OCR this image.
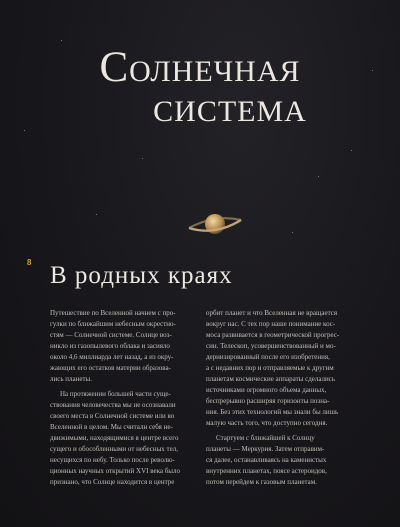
Солнечная
система
8 В родных краях
Путешествие по Вселенной начнем с про-
гулки по ближайшим небесным окрестно-
стям — Солнечной системе. Солнце воз-
никло из газопылевого облака и засияло
около 4,6 миллиарда лет назад, а из окру-
жающих его остатков материи образова-
лись планеты.
На протяжении большей части суще-
ствования человечества мы не осознавали
своего места в Солнечной системе или во
Вселенной в целом. Мы считали себя не-
движимыми, находящимися в центре всего
сущего и обособленными от небесных тел,
несущихся по небу. Только после револю-
ционных научных открытий XVI века было
признано, что Солнце находится в центре
орбит планет и что Вселенная не вращается
вокруг нас. С тех пор наше понимание кос-
моса развивается в геометрической прогрес-
сии. Телескоп, усовершенствованный и мо-
дернизированный после его изобретения,
а с недавних пор и отправляемые к другим
планетам космические аппараты сделались
источниками огромного объема данных,
беспрерывно расширяя горизонты позна-
ния. Без этих технологий мы знали бы лишь
малую часть того, что доступно сегодня.
Стартуем с ближайшей к Солнцу
планеты — Меркурия. Затем отправим-
ся далее, останавливаясь на каменистых
внутренних планетах, поясе астероидов,
потом перейдем к газовым планетам.
